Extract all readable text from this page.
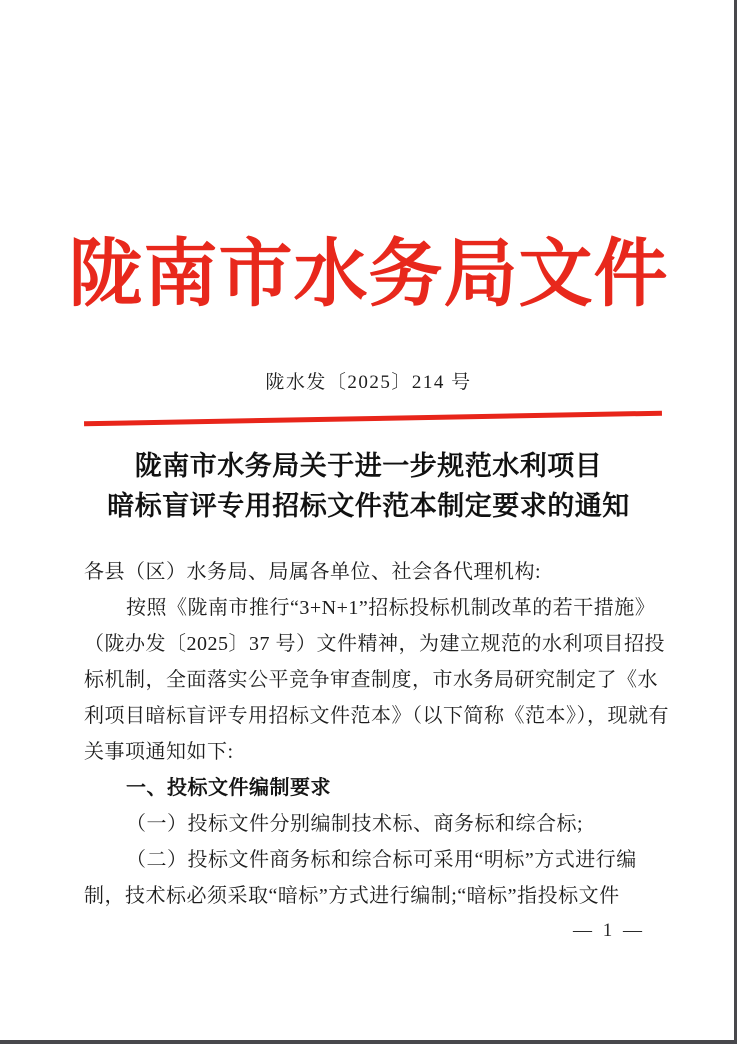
陇南市水务局文件
陇水发〔2025〕214 号
陇南市水务局关于进一步规范水利项目
暗标盲评专用招标文件范本制定要求的通知
各县（区）水务局、局属各单位、社会各代理机构:
按照《陇南市推行“3+N+1”招标投标机制改革的若干措施》
（陇办发〔2025〕37 号）文件精神，为建立规范的水利项目招投
标机制，全面落实公平竞争审查制度，市水务局研究制定了《水
利项目暗标盲评专用招标文件范本》（以下简称《范本》），现就有
关事项通知如下:
一、投标文件编制要求
（一）投标文件分别编制技术标、商务标和综合标;
（二）投标文件商务标和综合标可采用“明标”方式进行编
制，技术标必须采取“暗标”方式进行编制;“暗标”指投标文件
— 1 —
